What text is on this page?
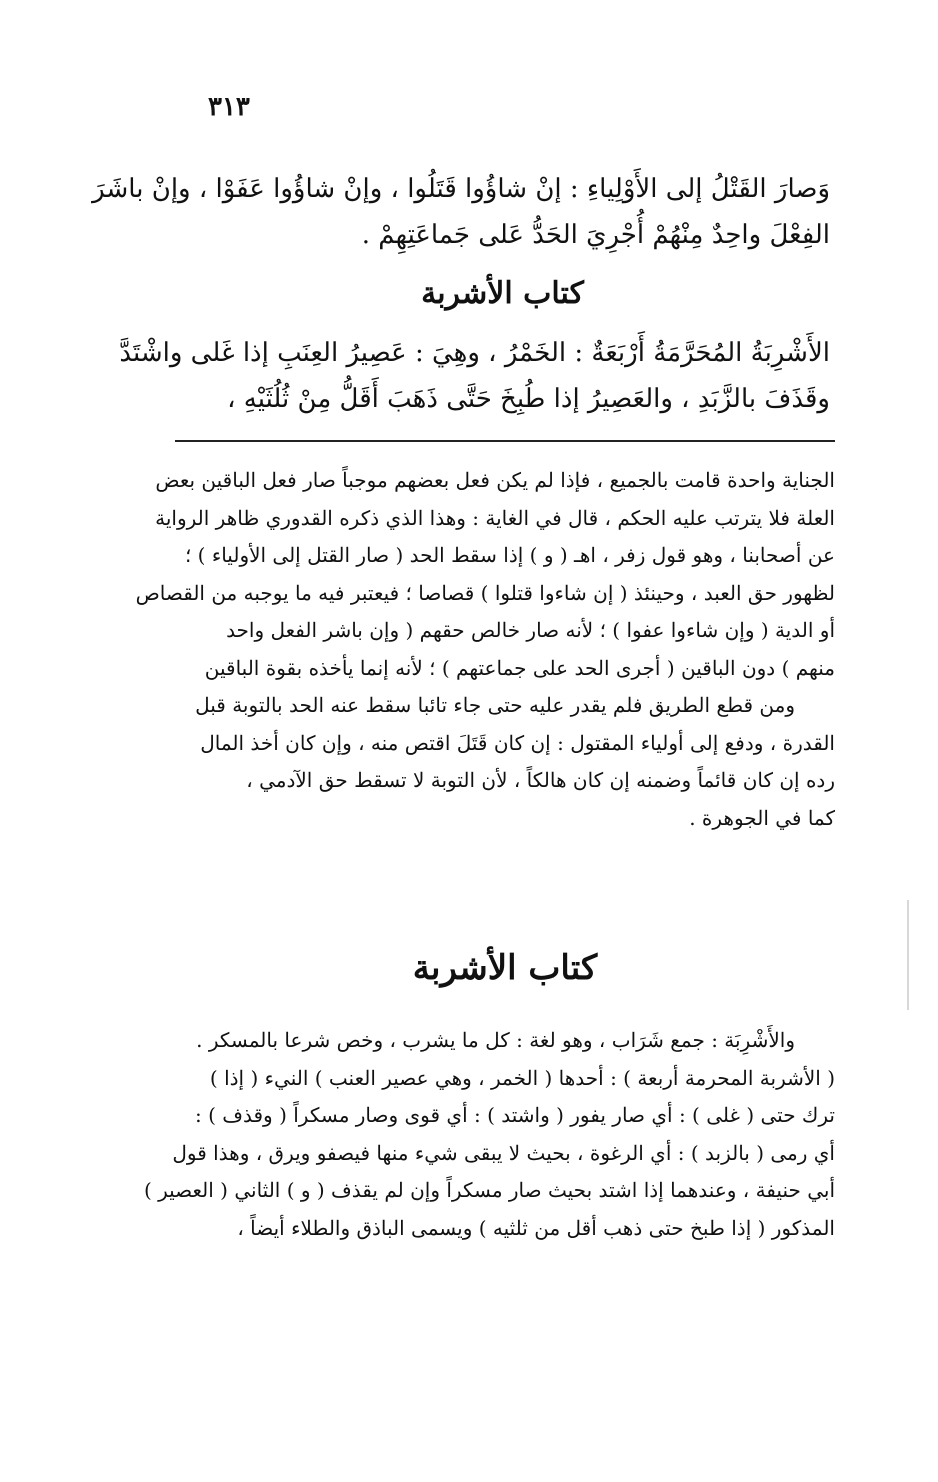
٣١٣
وَصارَ القَتْلُ إلى الأَوْلِياءِ : إنْ شاؤُوا قَتَلُوا ، وإنْ شاؤُوا عَفَوْا ، وإنْ باشَرَ
الفِعْلَ واحِدٌ مِنْهُمْ أُجْرِيَ الحَدُّ عَلى جَماعَتِهِمْ .
كتاب الأشربة
الأَشْرِبَةُ المُحَرَّمَةُ أَرْبَعَةٌ : الخَمْرُ ، وهِيَ : عَصِيرُ العِنَبِ إذا غَلى واشْتَدَّ
وقَذَفَ بالزَّبَدِ ، والعَصِيرُ إذا طُبِخَ حَتَّى ذَهَبَ أَقَلُّ مِنْ ثُلُثَيْهِ ،
الجناية واحدة قامت بالجميع ، فإذا لم يكن فعل بعضهم موجباً صار فعل الباقين بعض
العلة فلا يترتب عليه الحكم ، قال في الغاية : وهذا الذي ذكره القدوري ظاهر الرواية
عن أصحابنا ، وهو قول زفر ، اهـ ( و ) إذا سقط الحد ( صار القتل إلى الأولياء ) ؛
لظهور حق العبد ، وحينئذ ( إن شاءوا قتلوا ) قصاصا ؛ فيعتبر فيه ما يوجبه من القصاص
أو الدية ( وإن شاءوا عفوا ) ؛ لأنه صار خالص حقهم ( وإن باشر الفعل واحد
منهم ) دون الباقين ( أجرى الحد على جماعتهم ) ؛ لأنه إنما يأخذه بقوة الباقين
ومن قطع الطريق فلم يقدر عليه حتى جاء تائبا سقط عنه الحد بالتوبة قبل
القدرة ، ودفع إلى أولياء المقتول : إن كان قَتَلَ اقتص منه ، وإن كان أخذ المال
رده إن كان قائماً وضمنه إن كان هالكاً ، لأن التوبة لا تسقط حق الآدمي ،
كما في الجوهرة .
كتاب الأشربة
والأَشْرِبَة : جمع شَرَاب ، وهو لغة : كل ما يشرب ، وخص شرعا بالمسكر .
( الأشربة المحرمة أربعة ) : أحدها ( الخمر ، وهي عصير العنب ) النيء ( إذا )
ترك حتى ( غلى ) : أي صار يفور ( واشتد ) : أي قوى وصار مسكراً ( وقذف ) :
أي رمى ( بالزبد ) : أي الرغوة ، بحيث لا يبقى شيء منها فيصفو ويرق ، وهذا قول
أبي حنيفة ، وعندهما إذا اشتد بحيث صار مسكراً وإن لم يقذف ( و ) الثاني ( العصير )
المذكور ( إذا طبخ حتى ذهب أقل من ثلثيه ) ويسمى الباذق والطلاء أيضاً ،
